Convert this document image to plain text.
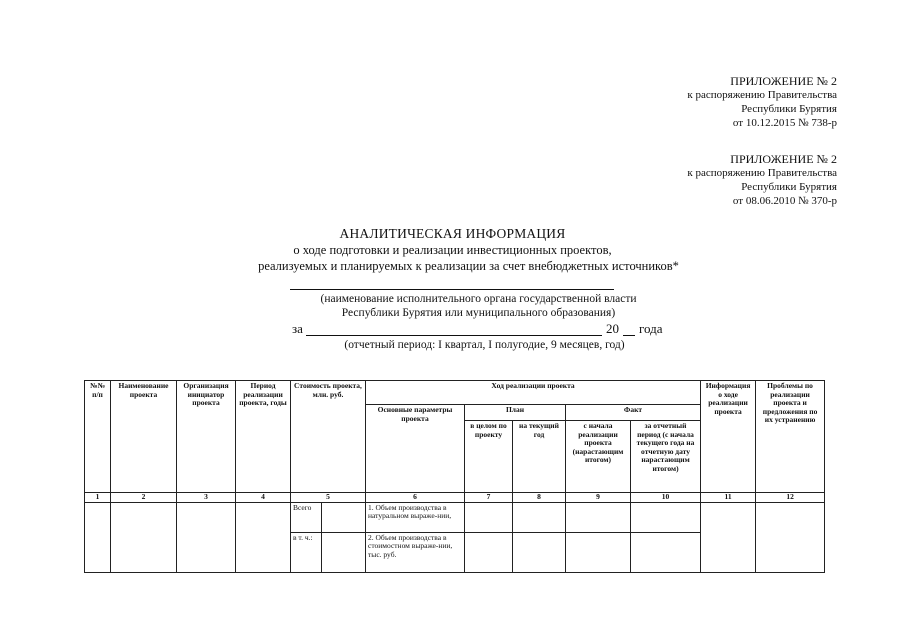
ПРИЛОЖЕНИЕ № 2
к распоряжению Правительства
Республики Бурятия
от 10.12.2015 № 738-р
ПРИЛОЖЕНИЕ № 2
к распоряжению Правительства
Республики Бурятия
от 08.06.2010 № 370-р
АНАЛИТИЧЕСКАЯ ИНФОРМАЦИЯ
о ходе подготовки и реализации инвестиционных проектов,
реализуемых и планируемых к реализации за счет внебюджетных источников*
(наименование исполнительного органа государственной власти
Республики Бурятия или муниципального образования)
за	20 года
(отчетный период: I квартал, I полугодие, 9 месяцев, год)
№№ п/п	Наименование проекта	Организация инициатор проекта	Период реализации проекта, годы	Стоимость проекта, млн. руб.		Ход реализации проекта					Информация о ходе реализации проекта	Проблемы по реализации проекта и предложения по их устранению
						Основные параметры проекта	План		Факт			
							в целом по проекту	на текущий год	с начала реализации проекта (нарастающим итогом)	за отчетный период (с начала текущего года на отчетную дату нарастающим итогом)		

1	2	3	4	5		6	7	8	9	10	11	12
				Всего		1. Объем производства в натуральном выраже-нии,						
				в т. ч.:		2. Объем производства в стоимостном выраже-нии, тыс. руб.						
